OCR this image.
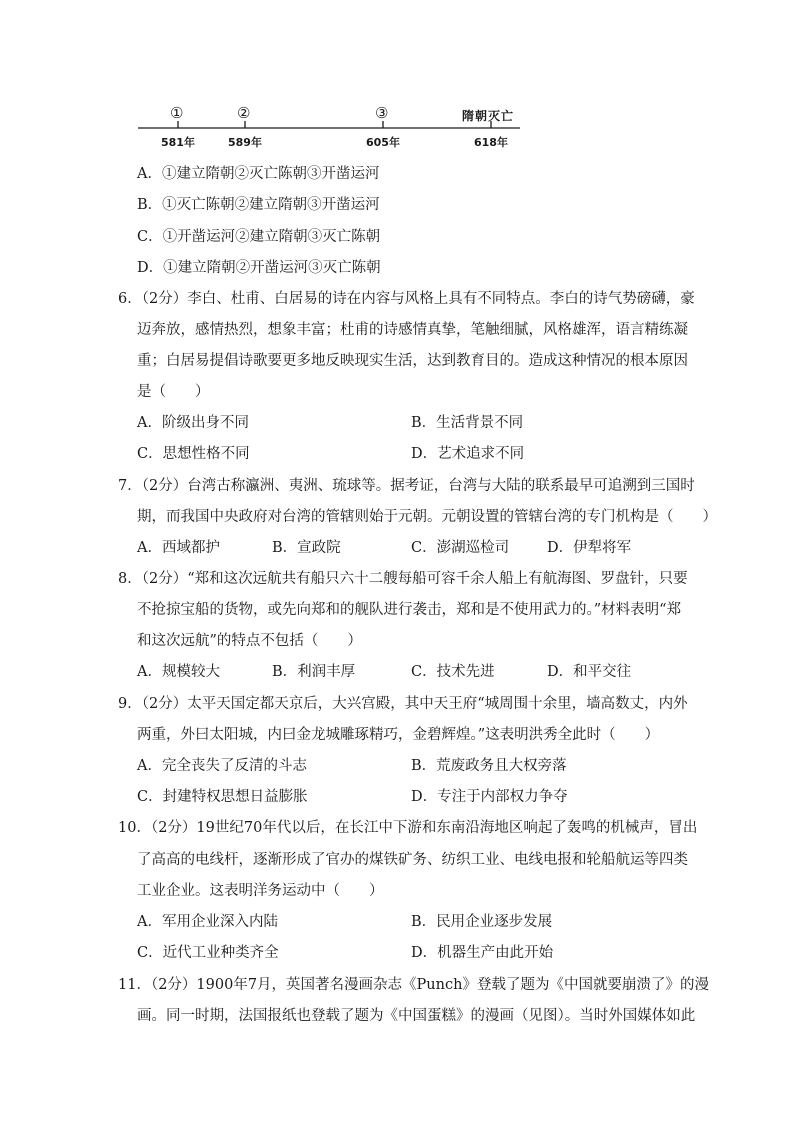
①	②	③	隋朝灭亡
581年	589年	605年	618年
A．①建立隋朝②灭亡陈朝③开凿运河
B．①灭亡陈朝②建立隋朝③开凿运河
C．①开凿运河②建立隋朝③灭亡陈朝
D．①建立隋朝②开凿运河③灭亡陈朝
6．（2分）李白、杜甫、白居易的诗在内容与风格上具有不同特点。李白的诗气势磅礴，豪
迈奔放，感情热烈，想象丰富；杜甫的诗感情真挚，笔触细腻，风格雄浑，语言精练凝
重；白居易提倡诗歌要更多地反映现实生活，达到教育目的。造成这种情况的根本原因
是（　　）
A．阶级出身不同	B．生活背景不同
C．思想性格不同	D．艺术追求不同
7．（2分）台湾古称瀛洲、夷洲、琉球等。据考证，台湾与大陆的联系最早可追溯到三国时
期，而我国中央政府对台湾的管辖则始于元朝。元朝设置的管辖台湾的专门机构是（　　）
A．西域都护	B．宣政院	C．澎湖巡检司	D．伊犁将军
8．（2分）“郑和这次远航共有船只六十二艘每船可容千余人船上有航海图、罗盘针，只要
不抢掠宝船的货物，或先向郑和的舰队进行袭击，郑和是不使用武力的。”材料表明“郑
和这次远航”的特点不包括（　　）
A．规模较大	B．利润丰厚	C．技术先进	D．和平交往
9．（2分）太平天国定都天京后，大兴宫殿，其中天王府“城周围十余里，墙高数丈，内外
两重，外曰太阳城，内曰金龙城雕琢精巧，金碧辉煌。”这表明洪秀全此时（　　）
A．完全丧失了反清的斗志	B．荒废政务且大权旁落
C．封建特权思想日益膨胀	D．专注于内部权力争夺
10．（2分）19世纪70年代以后，在长江中下游和东南沿海地区响起了轰鸣的机械声，冒出
了高高的电线杆，逐渐形成了官办的煤铁矿务、纺织工业、电线电报和轮船航运等四类
工业企业。这表明洋务运动中（　　）
A．军用企业深入内陆	B．民用企业逐步发展
C．近代工业种类齐全	D．机器生产由此开始
11．（2分）1900年7月，英国著名漫画杂志《Punch》登载了题为《中国就要崩溃了》的漫
画。同一时期，法国报纸也登载了题为《中国蛋糕》的漫画（见图）。当时外国媒体如此
